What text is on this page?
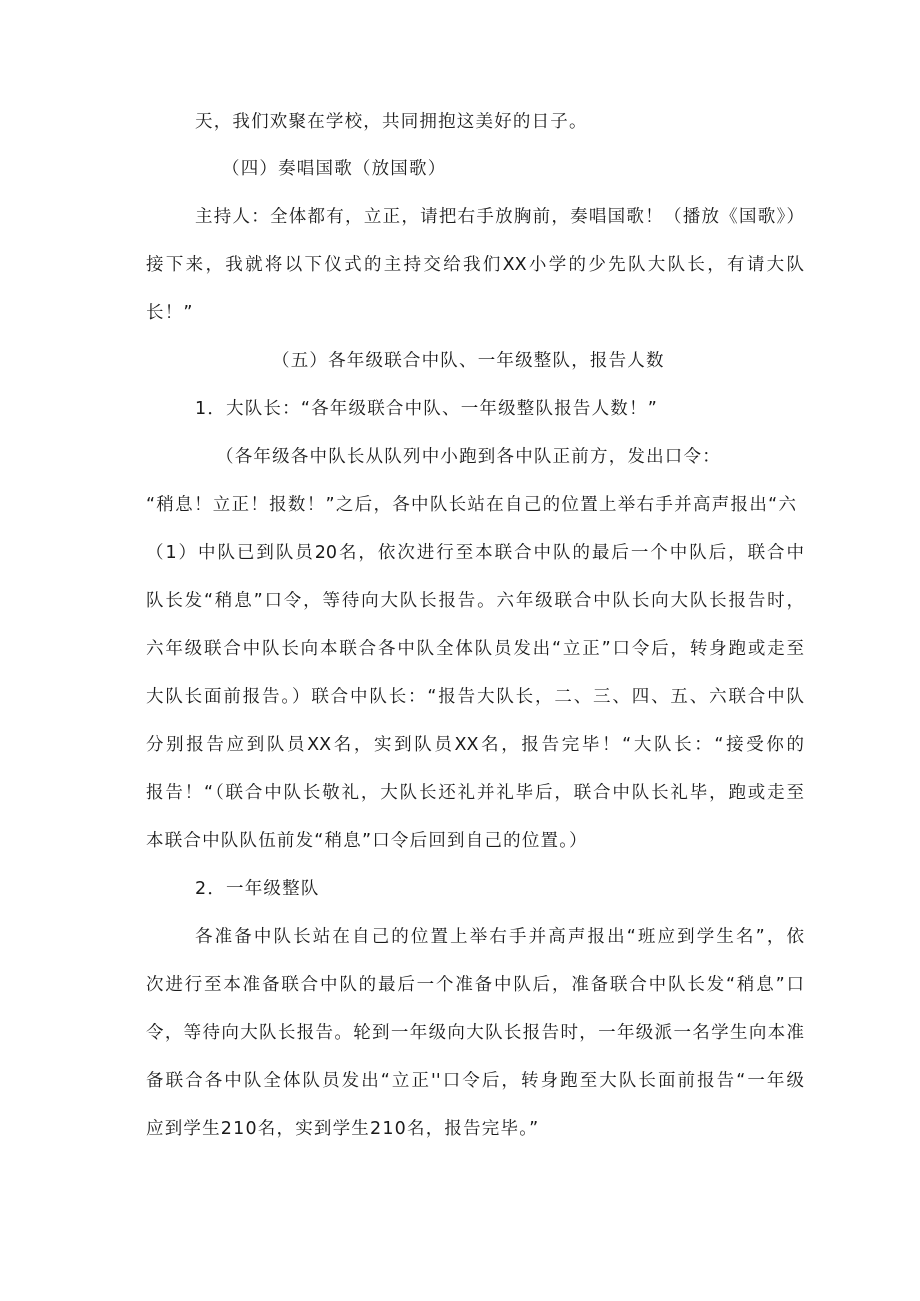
天，我们欢聚在学校，共同拥抱这美好的日子。
（四）奏唱国歌（放国歌）
主持人：全体都有，立正，请把右手放胸前，奏唱国歌！（播放《国歌》）
接下来，我就将以下仪式的主持交给我们XX小学的少先队大队长，有请大队
长！”
（五）各年级联合中队、一年级整队，报告人数
1．大队长：“各年级联合中队、一年级整队报告人数！”
（各年级各中队长从队列中小跑到各中队正前方，发出口令：
“稍息！立正！报数！”之后，各中队长站在自己的位置上举右手并高声报出“六
（1）中队已到队员20名，依次进行至本联合中队的最后一个中队后，联合中
队长发“稍息”口令，等待向大队长报告。六年级联合中队长向大队长报告时，
六年级联合中队长向本联合各中队全体队员发出“立正”口令后，转身跑或走至
大队长面前报告。）联合中队长：“报告大队长，二、三、四、五、六联合中队
分别报告应到队员XX名，实到队员XX名，报告完毕！“大队长：“接受你的
报告！“（联合中队长敬礼，大队长还礼并礼毕后，联合中队长礼毕，跑或走至
本联合中队队伍前发“稍息”口令后回到自己的位置。）
2．一年级整队
各准备中队长站在自己的位置上举右手并高声报出“班应到学生名”，依
次进行至本准备联合中队的最后一个准备中队后，准备联合中队长发“稍息”口
令，等待向大队长报告。轮到一年级向大队长报告时，一年级派一名学生向本准
备联合各中队全体队员发出“立正''口令后，转身跑至大队长面前报告“一年级
应到学生210名，实到学生210名，报告完毕。”
